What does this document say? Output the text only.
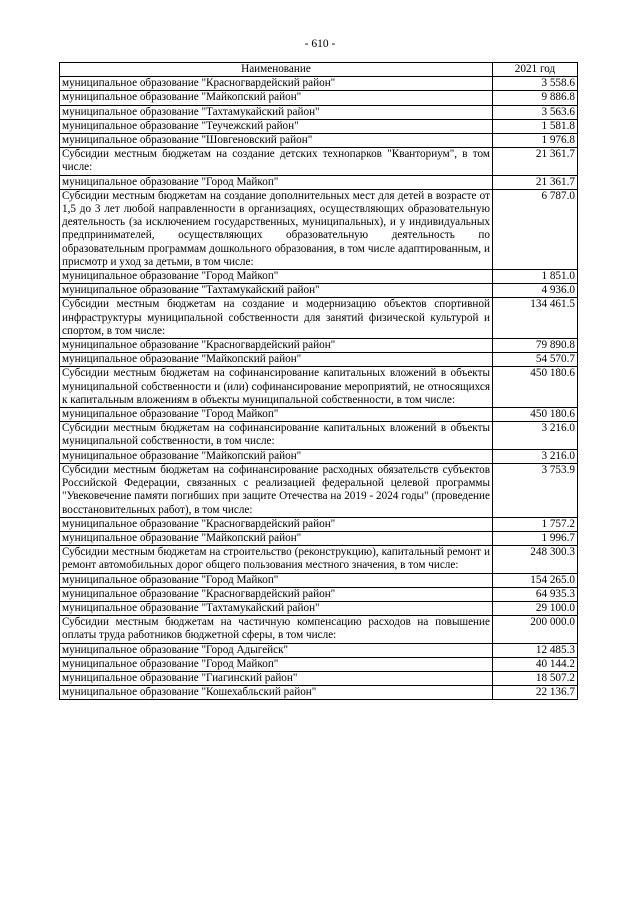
- 610 -
Наименование	2021 год
муниципальное образование "Красногвардейский район"	3 558.6
муниципальное образование "Майкопский район"	9 886.8
муниципальное образование "Тахтамукайский район"	3 563.6
муниципальное образование "Теучежский район"	1 581.8
муниципальное образование "Шовгеновский район"	1 976.8
Субсидии местным бюджетам на создание детских технопарков "Кванториум", в том числе:	21 361.7
муниципальное образование "Город Майкоп"	21 361.7
Субсидии местным бюджетам на создание дополнительных мест для детей в возрасте от 1,5 до 3 лет любой направленности в организациях, осуществляющих образовательную деятельность (за исключением государственных, муниципальных), и у индивидуальных предпринимателей, осуществляющих образовательную деятельность по образовательным программам дошкольного образования, в том числе адаптированным, и присмотр и уход за детьми, в том числе:	6 787.0
муниципальное образование "Город Майкоп"	1 851.0
муниципальное образование "Тахтамукайский район"	4 936.0
Субсидии местным бюджетам на создание и модернизацию объектов спортивной инфраструктуры муниципальной собственности для занятий физической культурой и спортом, в том числе:	134 461.5
муниципальное образование "Красногвардейский район"	79 890.8
муниципальное образование "Майкопский район"	54 570.7
Субсидии местным бюджетам на софинансирование капитальных вложений в объекты муниципальной собственности и (или) софинансирование мероприятий, не относящихся к капитальным вложениям в объекты муниципальной собственности, в том числе:	450 180.6
муниципальное образование "Город Майкоп"	450 180.6
Субсидии местным бюджетам на софинансирование капитальных вложений в объекты муниципальной собственности, в том числе:	3 216.0
муниципальное образование "Майкопский район"	3 216.0
Субсидии местным бюджетам на софинансирование расходных обязательств субъектов Российской Федерации, связанных с реализацией федеральной целевой программы "Увековечение памяти погибших при защите Отечества на 2019 - 2024 годы" (проведение восстановительных работ), в том числе:	3 753.9
муниципальное образование "Красногвардейский район"	1 757.2
муниципальное образование "Майкопский район"	1 996.7
Субсидии местным бюджетам на строительство (реконструкцию), капитальный ремонт и ремонт автомобильных дорог общего пользования местного значения, в том числе:	248 300.3
муниципальное образование "Город Майкоп"	154 265.0
муниципальное образование "Красногвардейский район"	64 935.3
муниципальное образование "Тахтамукайский район"	29 100.0
Субсидии местным бюджетам на частичную компенсацию расходов на повышение оплаты труда работников бюджетной сферы, в том числе:	200 000.0
муниципальное образование "Город Адыгейск"	12 485.3
муниципальное образование "Город Майкоп"	40 144.2
муниципальное образование "Гиагинский район"	18 507.2
муниципальное образование "Кошехабльский район"	22 136.7
